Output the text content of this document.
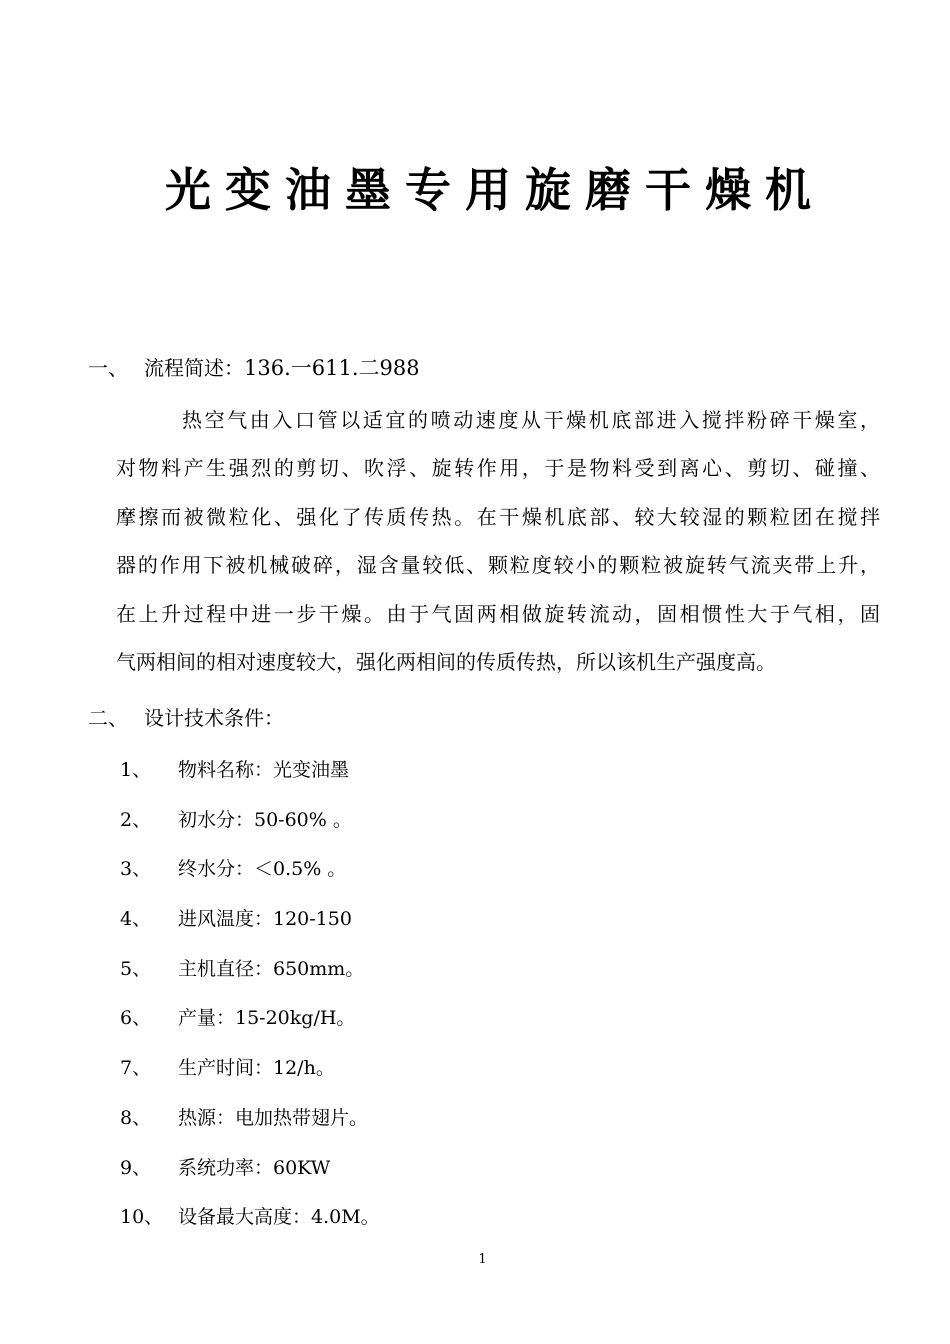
光变油墨专用旋磨干燥机
一、 流程简述：136.一611.二988
热空气由入口管以适宜的喷动速度从干燥机底部进入搅拌粉碎干燥室，
对物料产生强烈的剪切、吹浮、旋转作用，于是物料受到离心、剪切、碰撞、
摩擦而被微粒化、强化了传质传热。在干燥机底部、较大较湿的颗粒团在搅拌
器的作用下被机械破碎，湿含量较低、颗粒度较小的颗粒被旋转气流夹带上升，
在上升过程中进一步干燥。由于气固两相做旋转流动，固相惯性大于气相，固
气两相间的相对速度较大，强化两相间的传质传热，所以该机生产强度高。
二、 设计技术条件：
1、 物料名称：光变油墨
2、 初水分：50-60% 。
3、 终水分：＜0.5% 。
4、 进风温度：120-150
5、 主机直径：650mm。
6、 产量：15-20kg/H。
7、 生产时间：12/h。
8、 热源：电加热带翅片。
9、 系统功率：60KW
10、 设备最大高度：4.0M。
1
